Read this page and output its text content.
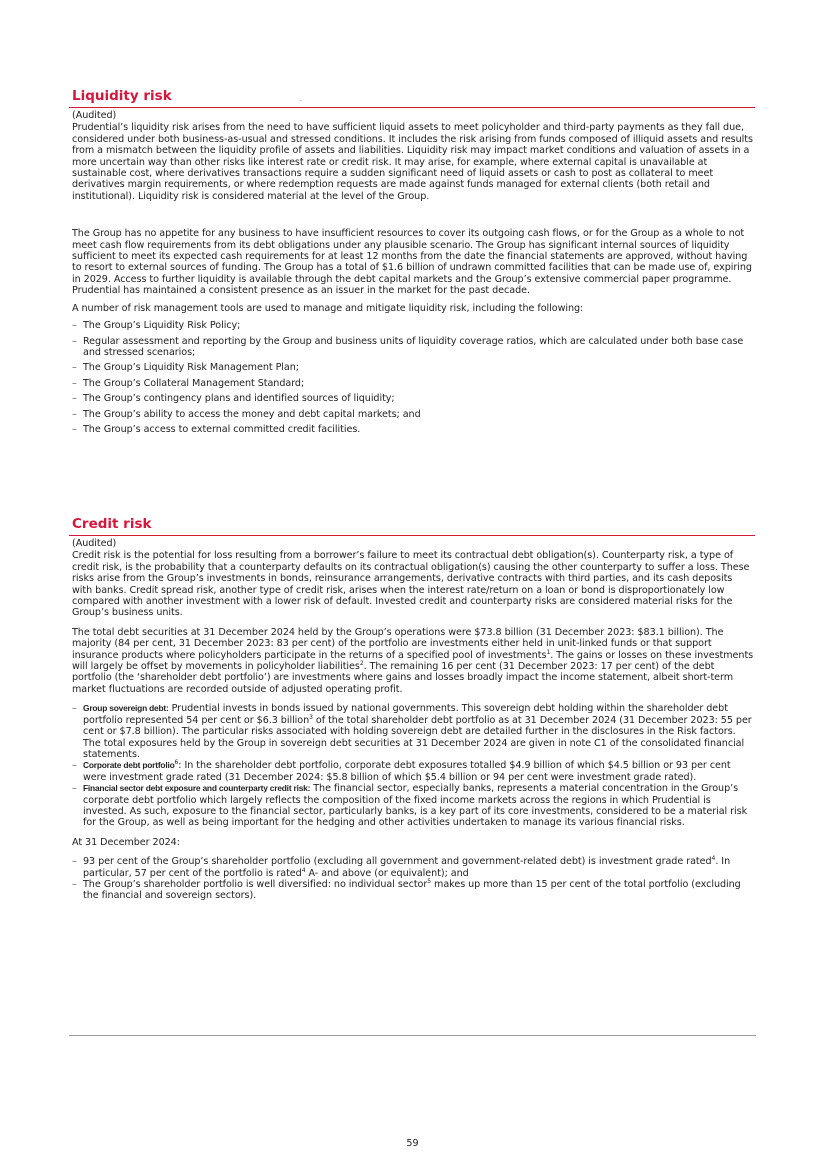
.
Liquidity risk

(Audited)

Prudential’s liquidity risk arises from the need to have sufficient liquid assets to meet policyholder and third-party payments as they fall due, considered under both business-as-usual and stressed conditions. It includes the risk arising from funds composed of illiquid assets and results from a mismatch between the liquidity profile of assets and liabilities. Liquidity risk may impact market conditions and valuation of assets in a more uncertain way than other risks like interest rate or credit risk. It may arise, for example, where external capital is unavailable at sustainable cost, where derivatives transactions require a sudden significant need of liquid assets or cash to post as collateral to meet derivatives margin requirements, or where redemption requests are made against funds managed for external clients (both retail and institutional). Liquidity risk is considered material at the level of the Group.

The Group has no appetite for any business to have insufficient resources to cover its outgoing cash flows, or for the Group as a whole to not meet cash flow requirements from its debt obligations under any plausible scenario. The Group has significant internal sources of liquidity sufficient to meet its expected cash requirements for at least 12 months from the date the financial statements are approved, without having to resort to external sources of funding. The Group has a total of $1.6 billion of undrawn committed facilities that can be made use of, expiring in 2029. Access to further liquidity is available through the debt capital markets and the Group’s extensive commercial paper programme. Prudential has maintained a consistent presence as an issuer in the market for the past decade.

A number of risk management tools are used to manage and mitigate liquidity risk, including the following:

– The Group’s Liquidity Risk Policy;
– Regular assessment and reporting by the Group and business units of liquidity coverage ratios, which are calculated under both base case and stressed scenarios;
– The Group’s Liquidity Risk Management Plan;
– The Group’s Collateral Management Standard;
– The Group’s contingency plans and identified sources of liquidity;
– The Group’s ability to access the money and debt capital markets; and
– The Group’s access to external committed credit facilities.
Credit risk

(Audited)

Credit risk is the potential for loss resulting from a borrower’s failure to meet its contractual debt obligation(s). Counterparty risk, a type of credit risk, is the probability that a counterparty defaults on its contractual obligation(s) causing the other counterparty to suffer a loss. These risks arise from the Group’s investments in bonds, reinsurance arrangements, derivative contracts with third parties, and its cash deposits with banks. Credit spread risk, another type of credit risk, arises when the interest rate/return on a loan or bond is disproportionately low compared with another investment with a lower risk of default. Invested credit and counterparty risks are considered material risks for the Group’s business units.

The total debt securities at 31 December 2024 held by the Group’s operations were $73.8 billion (31 December 2023: $83.1 billion). The majority (84 per cent, 31 December 2023: 83 per cent) of the portfolio are investments either held in unit-linked funds or that support insurance products where policyholders participate in the returns of a specified pool of investments$^1$. The gains or losses on these investments will largely be offset by movements in policyholder liabilities$^2$. The remaining 16 per cent (31 December 2023: 17 per cent) of the debt portfolio (the ‘shareholder debt portfolio’) are investments where gains and losses broadly impact the income statement, albeit short-term market fluctuations are recorded outside of adjusted operating profit.

– Group sovereign debt: Prudential invests in bonds issued by national governments. This sovereign debt holding within the shareholder debt portfolio represented 54 per cent or $6.3 billion$^3$ of the total shareholder debt portfolio as at 31 December 2024 (31 December 2023: 55 per cent or $7.8 billion). The particular risks associated with holding sovereign debt are detailed further in the disclosures in the Risk factors. The total exposures held by the Group in sovereign debt securities at 31 December 2024 are given in note C1 of the consolidated financial statements.
– Corporate debt portfolio$^6$: In the shareholder debt portfolio, corporate debt exposures totalled $4.9 billion of which $4.5 billion or 93 per cent were investment grade rated (31 December 2024: $5.8 billion of which $5.4 billion or 94 per cent were investment grade rated).
– Financial sector debt exposure and counterparty credit risk: The financial sector, especially banks, represents a material concentration in the Group’s corporate debt portfolio which largely reflects the composition of the fixed income markets across the regions in which Prudential is invested. As such, exposure to the financial sector, particularly banks, is a key part of its core investments, considered to be a material risk for the Group, as well as being important for the hedging and other activities undertaken to manage its various financial risks.

At 31 December 2024:

– 93 per cent of the Group’s shareholder portfolio (excluding all government and government-related debt) is investment grade rated$^4$. In particular, 57 per cent of the portfolio is rated$^4$ A- and above (or equivalent); and
– The Group’s shareholder portfolio is well diversified: no individual sector$^5$ makes up more than 15 per cent of the total portfolio (excluding the financial and sovereign sectors).
59
